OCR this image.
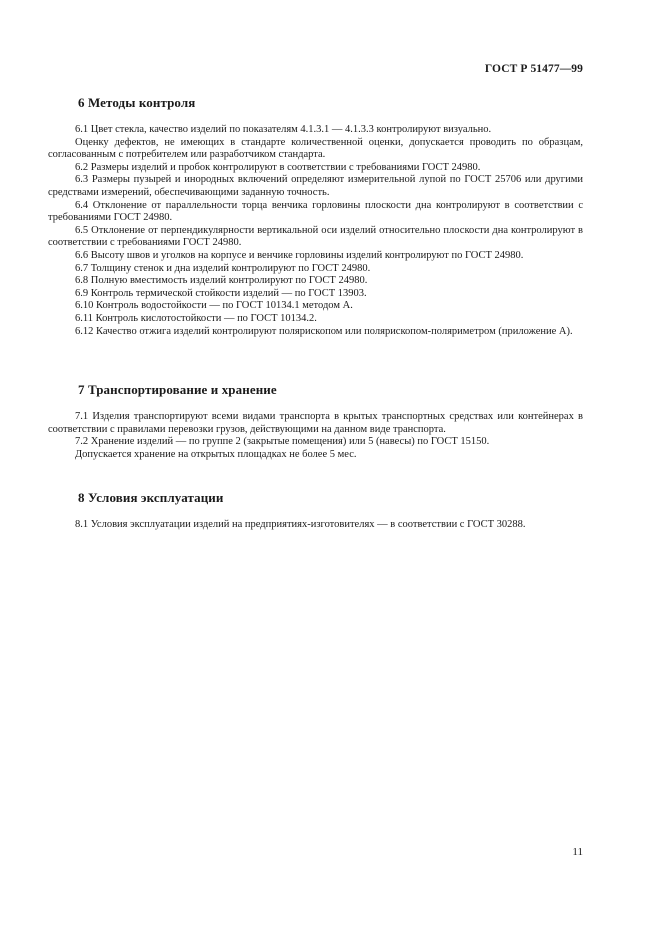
ГОСТ Р 51477—99
6 Методы контроля

6.1 Цвет стекла, качество изделий по показателям 4.1.3.1 — 4.1.3.3 контролируют визуально.

Оценку дефектов, не имеющих в стандарте количественной оценки, допускается проводить по образцам, согласованным с потребителем или разработчиком стандарта.

6.2 Размеры изделий и пробок контролируют в соответствии с требованиями ГОСТ 24980.

6.3 Размеры пузырей и инородных включений определяют измерительной лупой по ГОСТ 25706 или другими средствами измерений, обеспечивающими заданную точность.

6.4 Отклонение от параллельности торца венчика горловины плоскости дна контролируют в соответствии с требованиями ГОСТ 24980.

6.5 Отклонение от перпендикулярности вертикальной оси изделий относительно плоскости дна контролируют в соответствии с требованиями ГОСТ 24980.

6.6 Высоту швов и уголков на корпусе и венчике горловины изделий контролируют по ГОСТ 24980.

6.7 Толщину стенок и дна изделий контролируют по ГОСТ 24980.

6.8 Полную вместимость изделий контролируют по ГОСТ 24980.

6.9 Контроль термической стойкости изделий — по ГОСТ 13903.

6.10 Контроль водостойкости — по ГОСТ 10134.1 методом А.

6.11 Контроль кислотостойкости — по ГОСТ 10134.2.

6.12 Качество отжига изделий контролируют полярископом или полярископом-поляриметром (приложение А).

7 Транспортирование и хранение

7.1 Изделия транспортируют всеми видами транспорта в крытых транспортных средствах или контейнерах в соответствии с правилами перевозки грузов, действующими на данном виде транспорта.

7.2 Хранение изделий — по группе 2 (закрытые помещения) или 5 (навесы) по ГОСТ 15150.

Допускается хранение на открытых площадках не более 5 мес.

8 Условия эксплуатации

8.1 Условия эксплуатации изделий на предприятиях-изготовителях — в соответствии с ГОСТ 30288.

11
